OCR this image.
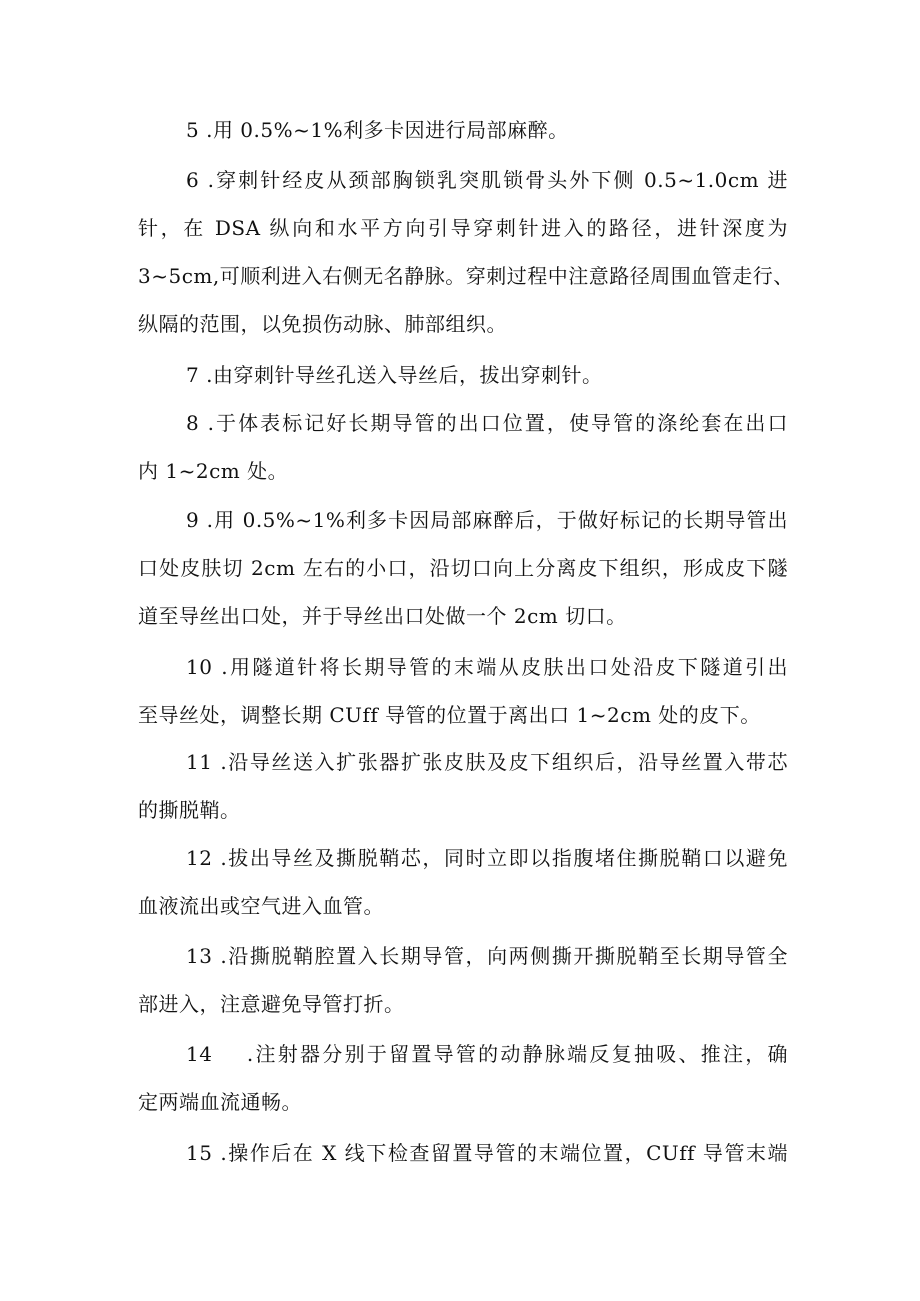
5 .用 0.5%~1%利多卡因进行局部麻醉。

6 .穿刺针经皮从颈部胸锁乳突肌锁骨头外下侧 0.5~1.0cm 进
针，在 DSA 纵向和水平方向引导穿刺针进入的路径，进针深度为
3~5cm,可顺利进入右侧无名静脉。穿刺过程中注意路径周围血管走行、
纵隔的范围，以免损伤动脉、肺部组织。

7 .由穿刺针导丝孔送入导丝后，拔出穿刺针。

8 .于体表标记好长期导管的出口位置，使导管的涤纶套在出口
内 1~2cm 处。

9 .用 0.5%~1%利多卡因局部麻醉后，于做好标记的长期导管出
口处皮肤切 2cm 左右的小口，沿切口向上分离皮下组织，形成皮下隧
道至导丝出口处，并于导丝出口处做一个 2cm 切口。

10 .用隧道针将长期导管的末端从皮肤出口处沿皮下隧道引出
至导丝处，调整长期 CUff 导管的位置于离出口 1~2cm 处的皮下。

11 .沿导丝送入扩张器扩张皮肤及皮下组织后，沿导丝置入带芯
的撕脱鞘。

12 .拔出导丝及撕脱鞘芯，同时立即以指腹堵住撕脱鞘口以避免
血液流出或空气进入血管。

13 .沿撕脱鞘腔置入长期导管，向两侧撕开撕脱鞘至长期导管全
部进入，注意避免导管打折。

14    .注射器分别于留置导管的动静脉端反复抽吸、推注，确
定两端血流通畅。

15 .操作后在 X 线下检查留置导管的末端位置，CUff 导管末端
